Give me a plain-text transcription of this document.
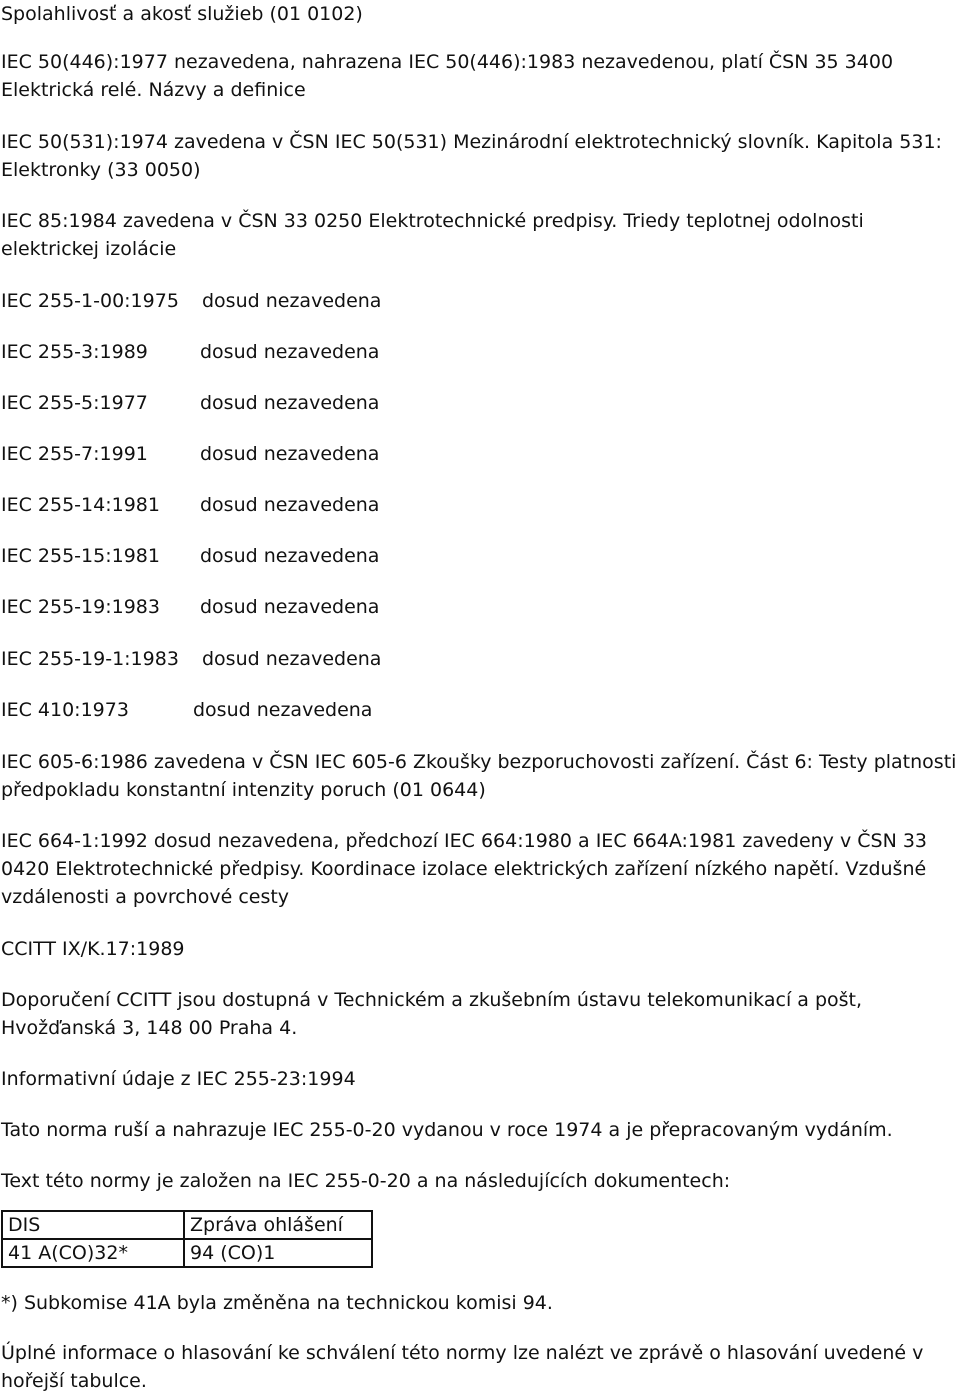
Spolahlivosť a akosť služieb (01 0102)

IEC 50(446):1977 nezavedena, nahrazena IEC 50(446):1983 nezavedenou, platí ČSN 35 3400 Elektrická relé. Názvy a definice

IEC 50(531):1974 zavedena v ČSN IEC 50(531) Mezinárodní elektrotechnický slovník. Kapitola 531: Elektronky (33 0050)

IEC 85:1984 zavedena v ČSN 33 0250 Elektrotechnické predpisy. Triedy teplotnej odolnosti elektrickej izolácie

IEC 255-1-00:1975 dosud nezavedena
IEC 255-3:1989	dosud nezavedena
IEC 255-5:1977	dosud nezavedena
IEC 255-7:1991	dosud nezavedena
IEC 255-14:1981 dosud nezavedena
IEC 255-15:1981 dosud nezavedena
IEC 255-19:1983 dosud nezavedena
IEC 255-19-1:1983 dosud nezavedena
IEC 410:1973	dosud nezavedena

IEC 605-6:1986 zavedena v ČSN IEC 605-6 Zkoušky bezporuchovosti zařízení. Část 6: Testy platnosti předpokladu konstantní intenzity poruch (01 0644)

IEC 664-1:1992 dosud nezavedena, předchozí IEC 664:1980 a IEC 664A:1981 zavedeny v ČSN 33 0420 Elektrotechnické předpisy. Koordinace izolace elektrických zařízení nízkého napětí. Vzdušné vzdálenosti a povrchové cesty

CCITT IX/K.17:1989

Doporučení CCITT jsou dostupná v Technickém a zkušebním ústavu telekomunikací a pošt, Hvožďanská 3, 148 00 Praha 4.

Informativní údaje z IEC 255-23:1994
Tato norma ruší a nahrazuje IEC 255-0-20 vydanou v roce 1974 a je přepracovaným vydáním.
Text této normy je založen na IEC 255-0-20 a na následujících dokumentech:
DIS	Zpráva ohlášení
41 A(CO)32*	94 (CO)1
*) Subkomise 41A byla změněna na technickou komisi 94.

Úplné informace o hlasování ke schválení této normy lze nalézt ve zprávě o hlasování uvedené v hořejší tabulce.
